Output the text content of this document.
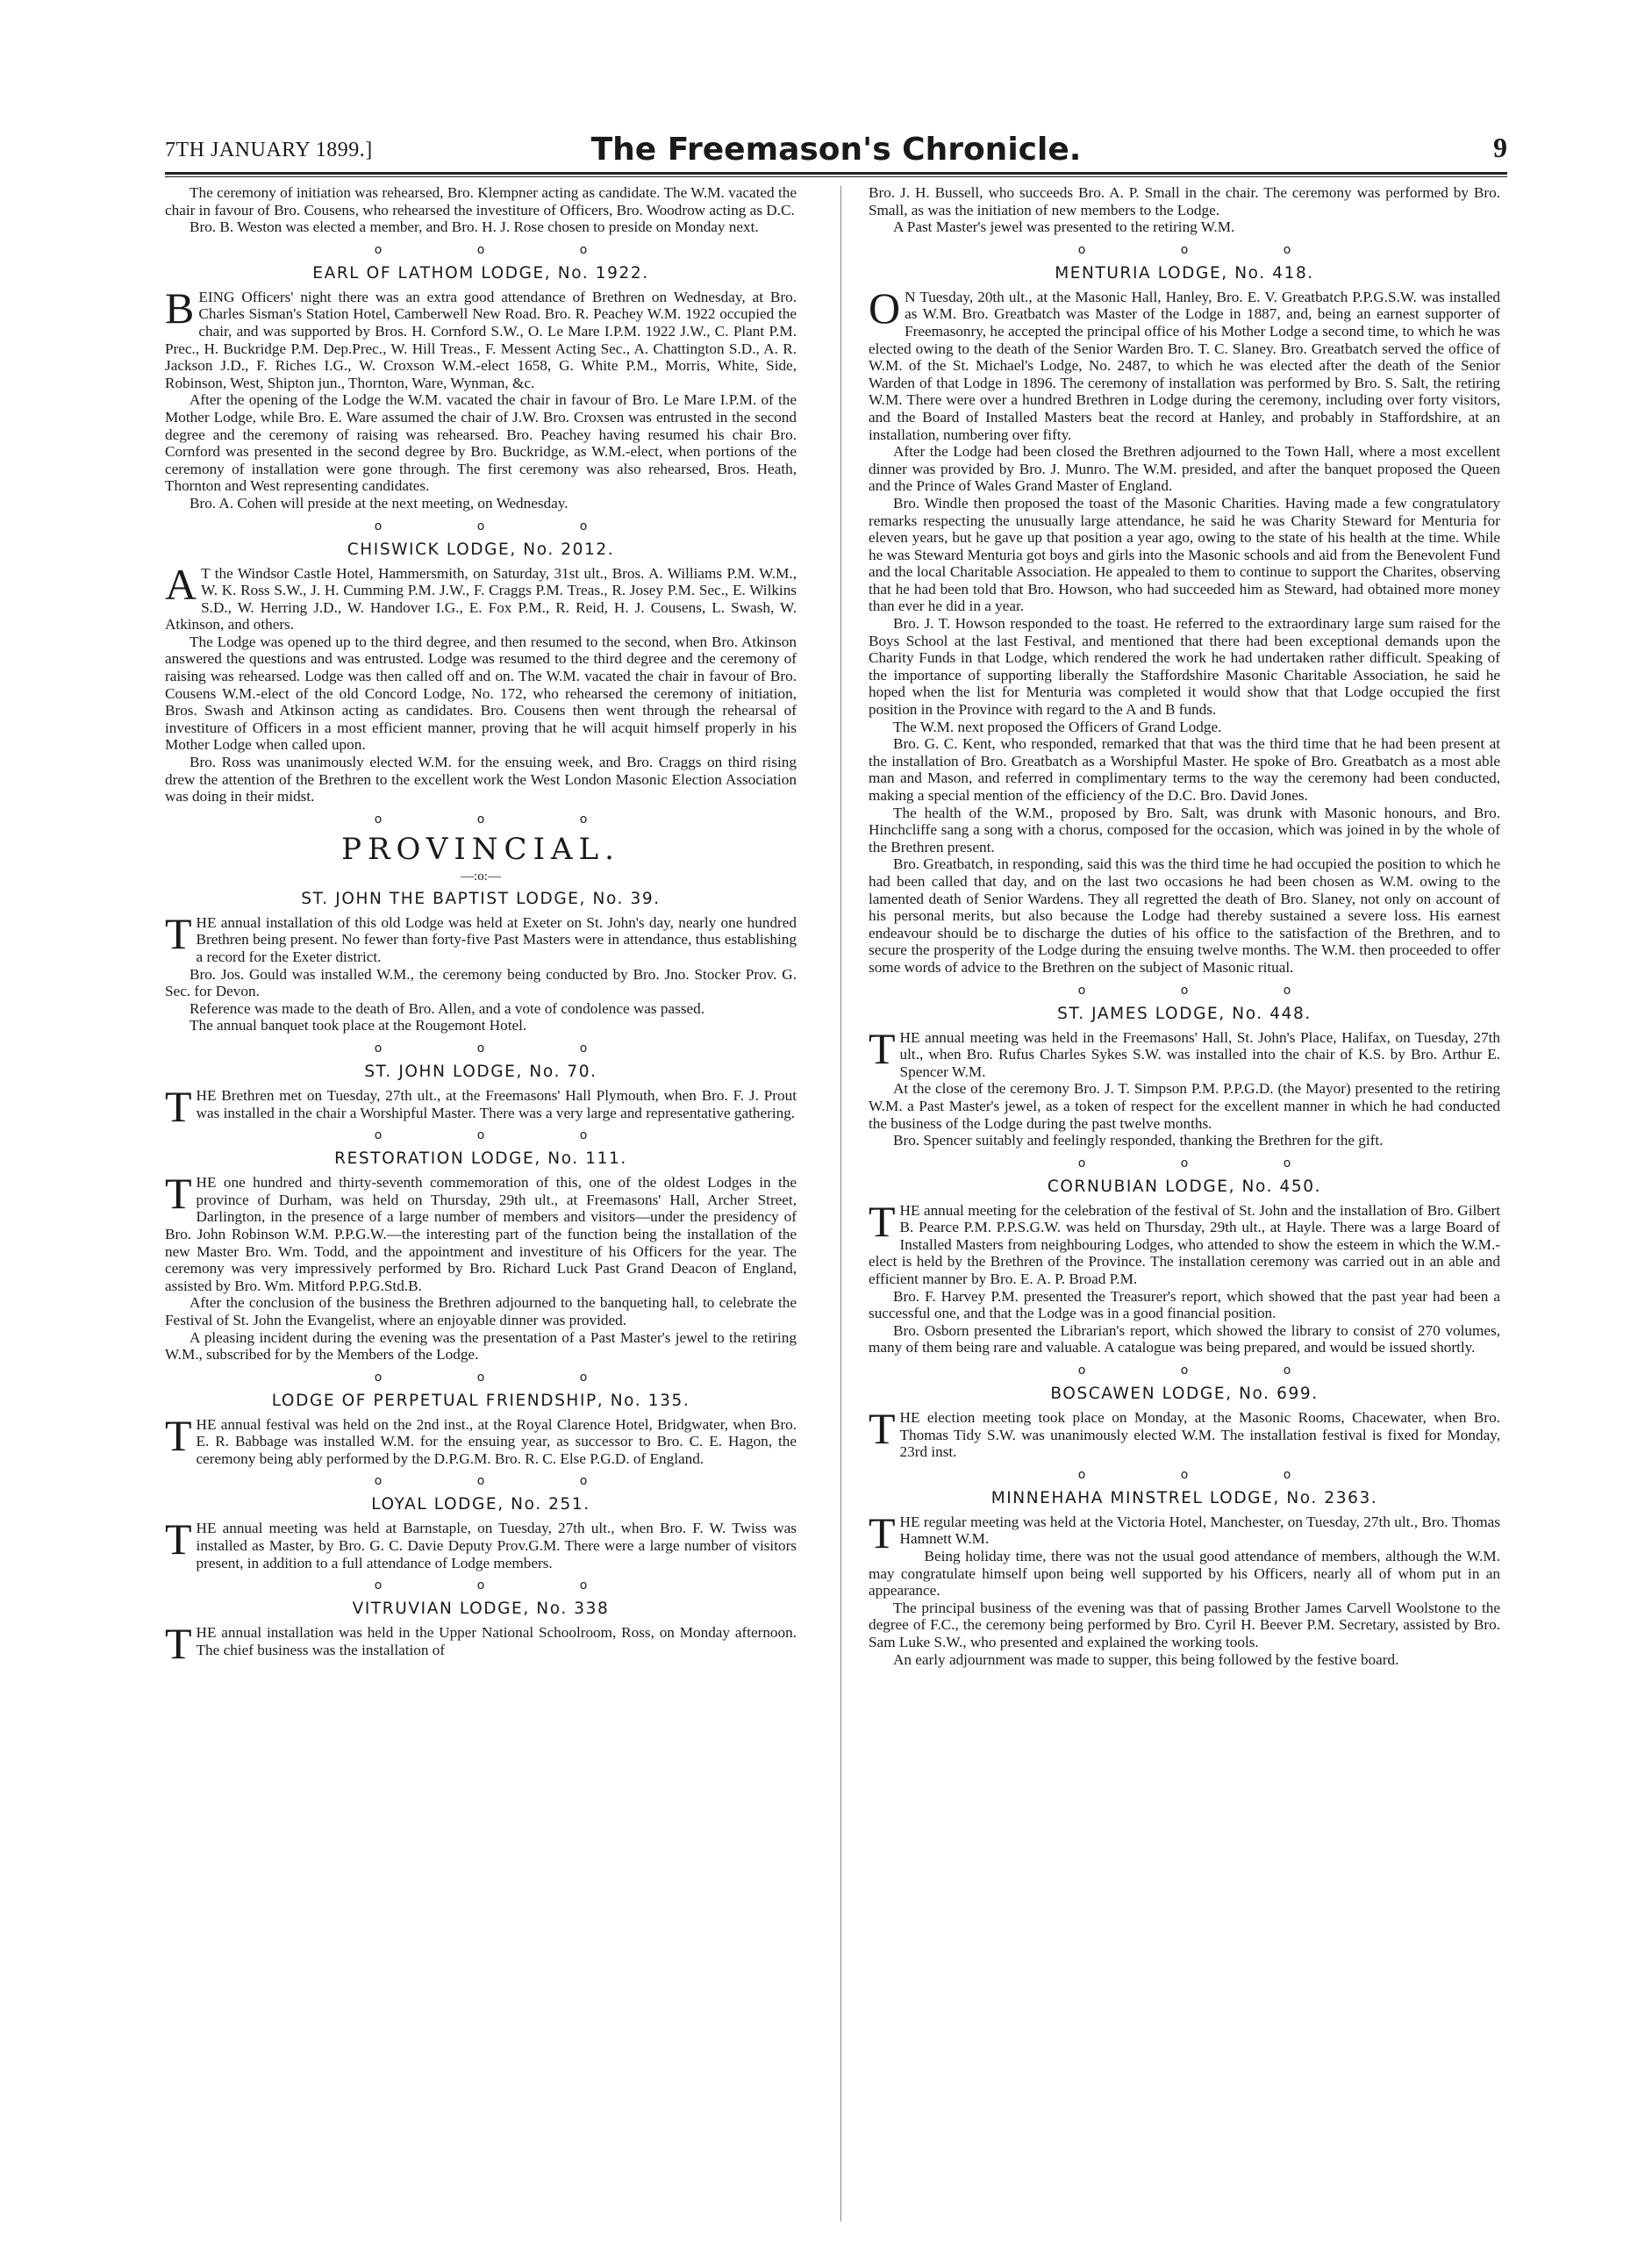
7TH JANUARY 1899.]	The Freemason's Chronicle.	9

The ceremony of initiation was rehearsed, Bro. Klempner acting as candidate. The W.M. vacated the chair in favour of Bro. Cousens, who rehearsed the investiture of Officers, Bro. Woodrow acting as D.C.

Bro. B. Weston was elected a member, and Bro. H. J. Rose chosen to preside on Monday next.

o o o
EARL OF LATHOM LODGE, No. 1922.

BEING Officers' night there was an extra good attendance of Brethren on Wednesday, at Bro. Charles Sisman's Station Hotel, Camberwell New Road. Bro. R. Peachey W.M. 1922 occupied the chair, and was supported by Bros. H. Cornford S.W., O. Le Mare I.P.M. 1922 J.W., C. Plant P.M. Prec., H. Buckridge P.M. Dep.Prec., W. Hill Treas., F. Messent Acting Sec., A. Chattington S.D., A. R. Jackson J.D., F. Riches I.G., W. Croxson W.M.-elect 1658, G. White P.M., Morris, White, Side, Robinson, West, Shipton jun., Thornton, Ware, Wynman, &c.

After the opening of the Lodge the W.M. vacated the chair in favour of Bro. Le Mare I.P.M. of the Mother Lodge, while Bro. E. Ware assumed the chair of J.W. Bro. Croxsen was entrusted in the second degree and the ceremony of raising was rehearsed. Bro. Peachey having resumed his chair Bro. Cornford was presented in the second degree by Bro. Buckridge, as W.M.-elect, when portions of the ceremony of installation were gone through. The first ceremony was also rehearsed, Bros. Heath, Thornton and West representing candidates.

Bro. A. Cohen will preside at the next meeting, on Wednesday.

o o o
CHISWICK LODGE, No. 2012.

A T the Windsor Castle Hotel, Hammersmith, on Saturday, 31st ult., Bros. A. Williams P.M. W.M., W. K. Ross S.W., J. H. Cumming P.M. J.W., F. Craggs P.M. Treas., R. Josey P.M. Sec., E. Wilkins S.D., W. Herring J.D., W. Handover I.G., E. Fox P.M., R. Reid, H. J. Cousens, L. Swash, W. Atkinson, and others.

The Lodge was opened up to the third degree, and then resumed to the second, when Bro. Atkinson answered the questions and was entrusted. Lodge was resumed to the third degree and the ceremony of raising was rehearsed. Lodge was then called off and on. The W.M. vacated the chair in favour of Bro. Cousens W.M.-elect of the old Concord Lodge, No. 172, who rehearsed the ceremony of initiation, Bros. Swash and Atkinson acting as candidates. Bro. Cousens then went through the rehearsal of investiture of Officers in a most efficient manner, proving that he will acquit himself properly in his Mother Lodge when called upon.

Bro. Ross was unanimously elected W.M. for the ensuing week, and Bro. Craggs on third rising drew the attention of the Brethren to the excellent work the West London Masonic Election Association was doing in their midst.

o o o
PROVINCIAL.
—:o:—
ST. JOHN THE BAPTIST LODGE, No. 39.

THE annual installation of this old Lodge was held at Exeter on St. John's day, nearly one hundred Brethren being present. No fewer than forty-five Past Masters were in attendance, thus establishing a record for the Exeter district.

Bro. Jos. Gould was installed W.M., the ceremony being conducted by Bro. Jno. Stocker Prov. G. Sec. for Devon.

Reference was made to the death of Bro. Allen, and a vote of condolence was passed.

The annual banquet took place at the Rougemont Hotel.

o o o
ST. JOHN LODGE, No. 70.

THE Brethren met on Tuesday, 27th ult., at the Freemasons' Hall Plymouth, when Bro. F. J. Prout was installed in the chair a Worshipful Master. There was a very large and representative gathering.

o o o
RESTORATION LODGE, No. 111.

THE one hundred and thirty-seventh commemoration of this, one of the oldest Lodges in the province of Durham, was held on Thursday, 29th ult., at Freemasons' Hall, Archer Street, Darlington, in the presence of a large number of members and visitors—under the presidency of Bro. John Robinson W.M. P.P.G.W.—the interesting part of the function being the installation of the new Master Bro. Wm. Todd, and the appointment and investiture of his Officers for the year. The ceremony was very impressively performed by Bro. Richard Luck Past Grand Deacon of England, assisted by Bro. Wm. Mitford P.P.G.Std.B.

After the conclusion of the business the Brethren adjourned to the banqueting hall, to celebrate the Festival of St. John the Evangelist, where an enjoyable dinner was provided.

A pleasing incident during the evening was the presentation of a Past Master's jewel to the retiring W.M., subscribed for by the Members of the Lodge.

o o o
LODGE OF PERPETUAL FRIENDSHIP, No. 135.

THE annual festival was held on the 2nd inst., at the Royal Clarence Hotel, Bridgwater, when Bro. E. R. Babbage was installed W.M. for the ensuing year, as successor to Bro. C. E. Hagon, the ceremony being ably performed by the D.P.G.M. Bro. R. C. Else P.G.D. of England.

o o o
LOYAL LODGE, No. 251.

THE annual meeting was held at Barnstaple, on Tuesday, 27th ult., when Bro. F. W. Twiss was installed as Master, by Bro. G. C. Davie Deputy Prov.G.M. There were a large number of visitors present, in addition to a full attendance of Lodge members.

o o o
VITRUVIAN LODGE, No. 338

THE annual installation was held in the Upper National Schoolroom, Ross, on Monday afternoon. The chief business was the installation of

Bro. J. H. Bussell, who succeeds Bro. A. P. Small in the chair. The ceremony was performed by Bro. Small, as was the initiation of new members to the Lodge.

A Past Master's jewel was presented to the retiring W.M.

o o o
MENTURIA LODGE, No. 418.

O N Tuesday, 20th ult., at the Masonic Hall, Hanley, Bro. E. V. Greatbatch P.P.G.S.W. was installed as W.M. Bro. Greatbatch was Master of the Lodge in 1887, and, being an earnest supporter of Freemasonry, he accepted the principal office of his Mother Lodge a second time, to which he was elected owing to the death of the Senior Warden Bro. T. C. Slaney. Bro. Greatbatch served the office of W.M. of the St. Michael's Lodge, No. 2487, to which he was elected after the death of the Senior Warden of that Lodge in 1896. The ceremony of installation was performed by Bro. S. Salt, the retiring W.M. There were over a hundred Brethren in Lodge during the ceremony, including over forty visitors, and the Board of Installed Masters beat the record at Hanley, and probably in Staffordshire, at an installation, numbering over fifty.

After the Lodge had been closed the Brethren adjourned to the Town Hall, where a most excellent dinner was provided by Bro. J. Munro. The W.M. presided, and after the banquet proposed the Queen and the Prince of Wales Grand Master of England.

Bro. Windle then proposed the toast of the Masonic Charities. Having made a few congratulatory remarks respecting the unusually large attendance, he said he was Charity Steward for Menturia for eleven years, but he gave up that position a year ago, owing to the state of his health at the time. While he was Steward Menturia got boys and girls into the Masonic schools and aid from the Benevolent Fund and the local Charitable Association. He appealed to them to continue to support the Charites, observing that he had been told that Bro. Howson, who had succeeded him as Steward, had obtained more money than ever he did in a year.

Bro. J. T. Howson responded to the toast. He referred to the extraordinary large sum raised for the Boys School at the last Festival, and mentioned that there had been exceptional demands upon the Charity Funds in that Lodge, which rendered the work he had undertaken rather difficult. Speaking of the importance of supporting liberally the Staffordshire Masonic Charitable Association, he said he hoped when the list for Menturia was completed it would show that that Lodge occupied the first position in the Province with regard to the A and B funds.

The W.M. next proposed the Officers of Grand Lodge.

Bro. G. C. Kent, who responded, remarked that that was the third time that he had been present at the installation of Bro. Greatbatch as a Worshipful Master. He spoke of Bro. Greatbatch as a most able man and Mason, and referred in complimentary terms to the way the ceremony had been conducted, making a special mention of the efficiency of the D.C. Bro. David Jones.

The health of the W.M., proposed by Bro. Salt, was drunk with Masonic honours, and Bro. Hinchcliffe sang a song with a chorus, composed for the occasion, which was joined in by the whole of the Brethren present.

Bro. Greatbatch, in responding, said this was the third time he had occupied the position to which he had been called that day, and on the last two occasions he had been chosen as W.M. owing to the lamented death of Senior Wardens. They all regretted the death of Bro. Slaney, not only on account of his personal merits, but also because the Lodge had thereby sustained a severe loss. His earnest endeavour should be to discharge the duties of his office to the satisfaction of the Brethren, and to secure the prosperity of the Lodge during the ensuing twelve months. The W.M. then proceeded to offer some words of advice to the Brethren on the subject of Masonic ritual.

o o o
ST. JAMES LODGE, No. 448.

THE annual meeting was held in the Freemasons' Hall, St. John's Place, Halifax, on Tuesday, 27th ult., when Bro. Rufus Charles Sykes S.W. was installed into the chair of K.S. by Bro. Arthur E. Spencer W.M.

At the close of the ceremony Bro. J. T. Simpson P.M. P.P.G.D. (the Mayor) presented to the retiring W.M. a Past Master's jewel, as a token of respect for the excellent manner in which he had conducted the business of the Lodge during the past twelve months.

Bro. Spencer suitably and feelingly responded, thanking the Brethren for the gift.

o o o
CORNUBIAN LODGE, No. 450.

THE annual meeting for the celebration of the festival of St. John and the installation of Bro. Gilbert B. Pearce P.M. P.P.S.G.W. was held on Thursday, 29th ult., at Hayle. There was a large Board of Installed Masters from neighbouring Lodges, who attended to show the esteem in which the W.M.-elect is held by the Brethren of the Province. The installation ceremony was carried out in an able and efficient manner by Bro. E. A. P. Broad P.M.

Bro. F. Harvey P.M. presented the Treasurer's report, which showed that the past year had been a successful one, and that the Lodge was in a good financial position.

Bro. Osborn presented the Librarian's report, which showed the library to consist of 270 volumes, many of them being rare and valuable. A catalogue was being prepared, and would be issued shortly.

o o o
BOSCAWEN LODGE, No. 699.

THE election meeting took place on Monday, at the Masonic Rooms, Chacewater, when Bro. Thomas Tidy S.W. was unanimously elected W.M. The installation festival is fixed for Monday, 23rd inst.

o o o
MINNEHAHA MINSTREL LODGE, No. 2363.

THE regular meeting was held at the Victoria Hotel, Manchester, on Tuesday, 27th ult., Bro. Thomas Hamnett W.M.

Being holiday time, there was not the usual good attendance of members, although the W.M. may congratulate himself upon being well supported by his Officers, nearly all of whom put in an appearance.

The principal business of the evening was that of passing Brother James Carvell Woolstone to the degree of F.C., the ceremony being performed by Bro. Cyril H. Beever P.M. Secretary, assisted by Bro. Sam Luke S.W., who presented and explained the working tools.

An early adjournment was made to supper, this being followed by the festive board.
